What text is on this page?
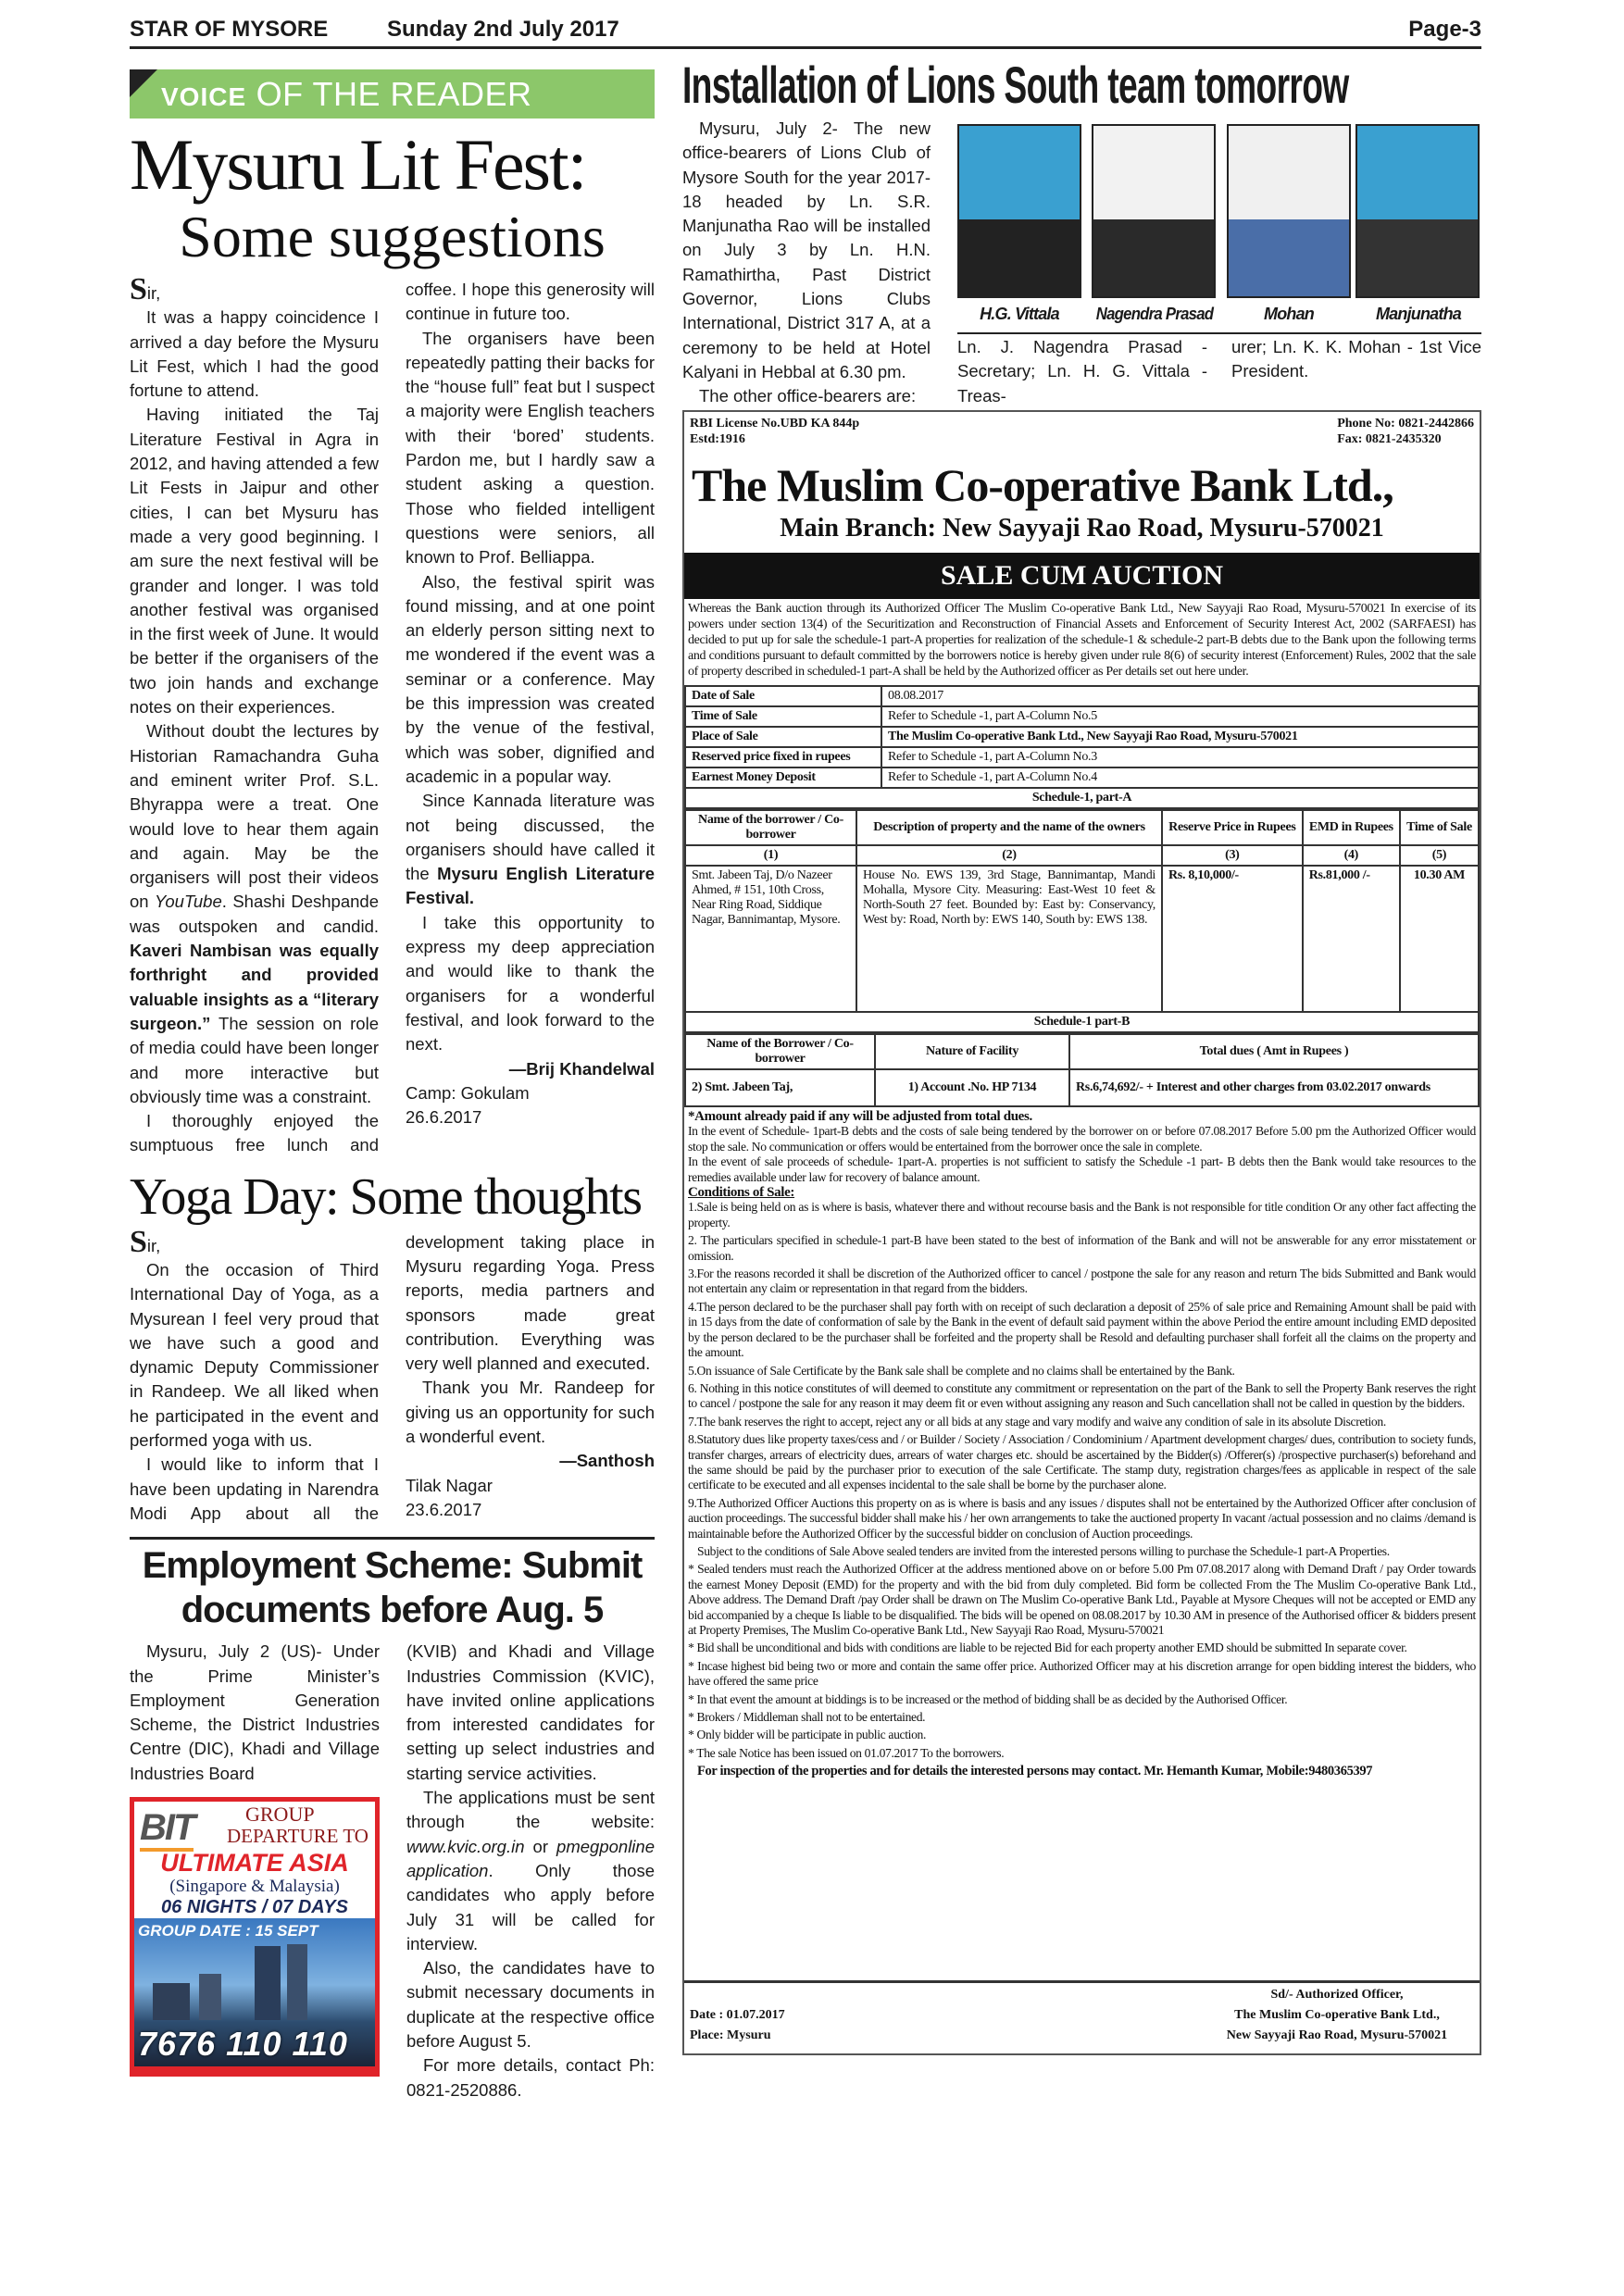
STAR OF MYSORE	Sunday 2nd July 2017	Page-3
VOICE OF THE READER
Mysuru Lit Fest:
Some suggestions

Sir,

It was a happy coincidence I arrived a day before the Mysuru Lit Fest, which I had the good fortune to attend.

Having initiated the Taj Literature Festival in Agra in 2012, and having attended a few Lit Fests in Jaipur and other cities, I can bet Mysuru has made a very good beginning. I am sure the next festival will be grander and longer. I was told another festival was organised in the first week of June. It would be better if the organisers of the two join hands and exchange notes on their experiences.

Without doubt the lectures by Historian Ramachandra Guha and eminent writer Prof. S.L. Bhyrappa were a treat. One would love to hear them again and again. May be the organisers will post their videos on YouTube. Shashi Deshpande was outspoken and candid. Kaveri Nambisan was equally forthright and provided valuable insights as a “literary surgeon.” The session on role of media could have been longer and more interactive but obviously time was a constraint.

I thoroughly enjoyed the sumptuous free lunch and coffee. I hope this generosity will continue in future too.

The organisers have been repeatedly patting their backs for the “house full” feat but I suspect a majority were English teachers with their ‘bored’ students. Pardon me, but I hardly saw a student asking a question. Those who fielded intelligent questions were seniors, all known to Prof. Belliappa.

Also, the festival spirit was found missing, and at one point an elderly person sitting next to me wondered if the event was a seminar or a conference. May be this impression was created by the venue of the festival, which was sober, dignified and academic in a popular way.

Since Kannada literature was not being discussed, the organisers should have called it the Mysuru English Literature Festival.

I take this opportunity to express my deep appreciation and would like to thank the organisers for a wonderful festival, and look forward to the next.

—Brij Khandelwal

Camp: Gokulam

26.6.2017

Yoga Day: Some thoughts

Sir,

On the occasion of Third International Day of Yoga, as a Mysurean I feel very proud that we have such a good and dynamic Deputy Commissioner in Randeep. We all liked when he participated in the event and performed yoga with us.

I would like to inform that I have been updating in Narendra Modi App about all the development taking place in Mysuru regarding Yoga. Press reports, media partners and sponsors made great contribution. Everything was very well planned and executed.

Thank you Mr. Randeep for giving us an opportunity for such a wonderful event.

—Santhosh

Tilak Nagar

23.6.2017

Employment Scheme: Submit documents before Aug. 5
Mysuru, July 2 (US)- Under the Prime Minister’s Employment Generation Scheme, the District Industries Centre (DIC), Khadi and Village Industries Board
BIT	GROUP
DEPARTURE TO
ULTIMATE ASIA
(Singapore & Malaysia)
06 NIGHTS / 07 DAYS
GROUP DATE : 15 SEPT
7676 110 110

(KVIB) and Khadi and Village Industries Commission (KVIC), have invited online applications from interested candidates for setting up select industries and starting service activities.

The applications must be sent through the website: www.kvic.org.in or pmegponline application. Only those candidates who apply before July 31 will be called for interview.

Also, the candidates have to submit necessary documents in duplicate at the respective office before August 5.

For more details, contact Ph: 0821-2520886.

Installation of Lions South team tomorrow

Mysuru, July 2- The new office-bearers of Lions Club of Mysore South for the year 2017-18 headed by Ln. S.R. Manjunatha Rao will be installed on July 3 by Ln. H.N. Ramathirtha, Past District Governor, Lions Clubs International, District 317 A, at a ceremony to be held at Hotel Kalyani in Hebbal at 6.30 pm.

The other office-bearers are:

H.G. Vittala	Nagendra Prasad	Mohan	Manjunatha
Ln. J. Nagendra Prasad - Secretary; Ln. H. G. Vittala - Treas-
urer; Ln. K. K. Mohan - 1st Vice President.
RBI License No.UBD KA 844p
Estd:1916
Phone No: 0821-2442866
Fax: 0821-2435320
The Muslim Co-operative Bank Ltd.,
Main Branch: New Sayyaji Rao Road, Mysuru-570021
SALE CUM AUCTION
Whereas the Bank auction through its Authorized Officer The Muslim Co-operative Bank Ltd., New Sayyaji Rao Road, Mysuru-570021 In exercise of its powers under section 13(4) of the Securitization and Reconstruction of Financial Assets and Enforcement of Security Interest Act, 2002 (SARFAESI) has decided to put up for sale the schedule-1 part-A properties for realization of the schedule-1 & schedule-2 part-B debts due to the Bank upon the following terms and conditions pursuant to default committed by the borrowers notice is hereby given under rule 8(6) of security interest (Enforcement) Rules, 2002 that the sale of property described in scheduled-1 part-A shall be held by the Authorized officer as Per details set out here under.
Date of Sale	08.08.2017
Time of Sale	Refer to Schedule -1, part A-Column No.5
Place of Sale	The Muslim Co-operative Bank Ltd., New Sayyaji Rao Road, Mysuru-570021
Reserved price fixed in rupees	Refer to Schedule -1, part A-Column No.3
Earnest Money Deposit	Refer to Schedule -1, part A-Column No.4
Schedule-1, part-A	
Name of the borrower / Co-borrower	Description of property and the name of the owners	Reserve Price in Rupees	EMD in Rupees	Time of Sale
(1)	(2)	(3)	(4)	(5)
Smt. Jabeen Taj, D/o Nazeer Ahmed, # 151, 10th Cross, Near Ring Road, Siddique Nagar, Bannimantap, Mysore.	House No. EWS 139, 3rd Stage, Bannimantap, Mandi Mohalla, Mysore City. Measuring: East-West 10 feet & North-South 27 feet. Bounded by: East by: Conservancy, West by: Road, North by: EWS 140, South by: EWS 138.	Rs. 8,10,000/-	Rs.81,000 /-	10.30 AM
Schedule-1 part-B				
Name of the Borrower / Co-borrower	Nature of Facility	Total dues ( Amt in Rupees )
2) Smt. Jabeen Taj,	1) Account .No. HP 7134	Rs.6,74,692/- + Interest and other charges from 03.02.2017 onwards
*Amount already paid if any will be adjusted from total dues.
In the event of Schedule- 1part-B debts and the costs of sale being tendered by the borrower on or before 07.08.2017 Before 5.00 pm the Authorized Officer would stop the sale. No communication or offers would be entertained from the borrower once the sale in complete.
In the event of sale proceeds of schedule- 1part-A. properties is not sufficient to satisfy the Schedule -1 part- B debts then the Bank would take resources to the remedies available under law for recovery of balance amount.
Conditions of Sale:
1.Sale is being held on as is where is basis, whatever there and without recourse basis and the Bank is not responsible for title condition Or any other fact affecting the property.
2. The particulars specified in schedule-1 part-B have been stated to the best of information of the Bank and will not be answerable for any error misstatement or omission.
3.For the reasons recorded it shall be discretion of the Authorized officer to cancel / postpone the sale for any reason and return The bids Submitted and Bank would not entertain any claim or representation in that regard from the bidders.
4.The person declared to be the purchaser shall pay forth with on receipt of such declaration a deposit of 25% of sale price and Remaining Amount shall be paid with in 15 days from the date of conformation of sale by the Bank in the event of default said payment within the above Period the entire amount including EMD deposited by the person declared to be the purchaser shall be forfeited and the property shall be Resold and defaulting purchaser shall forfeit all the claims on the property and the amount.
5.On issuance of Sale Certificate by the Bank sale shall be complete and no claims shall be entertained by the Bank.
6. Nothing in this notice constitutes of will deemed to constitute any commitment or representation on the part of the Bank to sell the Property Bank reserves the right to cancel / postpone the sale for any reason it may deem fit or even without assigning any reason and Such cancellation shall not be called in question by the bidders.
7.The bank reserves the right to accept, reject any or all bids at any stage and vary modify and waive any condition of sale in its absolute Discretion.
8.Statutory dues like property taxes/cess and / or Builder / Society / Association / Condominium / Apartment development charges/ dues, contribution to society funds, transfer charges, arrears of electricity dues, arrears of water charges etc. should be ascertained by the Bidder(s) /Offerer(s) /prospective purchaser(s) beforehand and the same should be paid by the purchaser prior to execution of the sale Certificate. The stamp duty, registration charges/fees as applicable in respect of the sale certificate to be executed and all expenses incidental to the sale shall be borne by the purchaser alone.
9.The Authorized Officer Auctions this property on as is where is basis and any issues / disputes shall not be entertained by the Authorized Officer after conclusion of auction proceedings. The successful bidder shall make his / her own arrangements to take the auctioned property In vacant /actual possession and no claims /demand is maintainable before the Authorized Officer by the successful bidder on conclusion of Auction proceedings.
Subject to the conditions of Sale Above sealed tenders are invited from the interested persons willing to purchase the Schedule-1 part-A Properties.
* Sealed tenders must reach the Authorized Officer at the address mentioned above on or before 5.00 Pm 07.08.2017 along with Demand Draft / pay Order towards the earnest Money Deposit (EMD) for the property and with the bid from duly completed. Bid form be collected From the The Muslim Co-operative Bank Ltd., Above address. The Demand Draft /pay Order shall be drawn on The Muslim Co-operative Bank Ltd., Payable at Mysore Cheques will not be accepted or EMD any bid accompanied by a cheque Is liable to be disqualified. The bids will be opened on 08.08.2017 by 10.30 AM in presence of the Authorised officer & bidders present at Property Premises, The Muslim Co-operative Bank Ltd., New Sayyaji Rao Road, Mysuru-570021
* Bid shall be unconditional and bids with conditions are liable to be rejected Bid for each property another EMD should be submitted In separate cover.
* Incase highest bid being two or more and contain the same offer price. Authorized Officer may at his discretion arrange for open bidding interest the bidders, who have offered the same price
* In that event the amount at biddings is to be increased or the method of bidding shall be as decided by the Authorised Officer.
* Brokers / Middleman shall not to be entertained.
* Only bidder will be participate in public auction.
* The sale Notice has been issued on 01.07.2017 To the borrowers.
For inspection of the properties and for details the interested persons may contact. Mr. Hemanth Kumar, Mobile:9480365397
Date : 01.07.2017
Place: Mysuru
Sd/- Authorized Officer,
The Muslim Co-operative Bank Ltd.,
New Sayyaji Rao Road, Mysuru-570021
